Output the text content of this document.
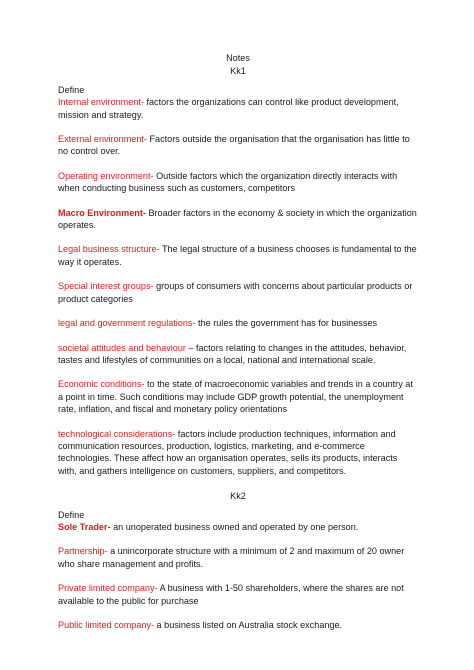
Notes
Kk1
Define
Internal environment- factors the organizations can control like product development, mission and strategy.
External environment- Factors outside the organisation that the organisation has little to no control over.
Operating environment- Outside factors which the organization directly interacts with when conducting business such as customers, competitors
Macro Environment- Broader factors in the economy & society in which the organization operates.
Legal business structure- The legal structure of a business chooses is fundamental to the way it operates.
Special interest groups- groups of consumers with concerns about particular products or product categories
legal and government regulations- the rules the government has for businesses
societal attitudes and behaviour – factors relating to changes in the attitudes, behavior, tastes and lifestyles of communities on a local, national and international scale.
Economic conditions- to the state of macroeconomic variables and trends in a country at a point in time. Such conditions may include GDP growth potential, the unemployment rate, inflation, and fiscal and monetary policy orientations
technological considerations- factors include production techniques, information and communication resources, production, logistics, marketing, and e-commerce technologies. These affect how an organisation operates, sells its products, interacts with, and gathers intelligence on customers, suppliers, and competitors.
Kk2
Define
Sole Trader- an unoperated business owned and operated by one person.
Partnership- a unincorporate structure with a minimum of 2 and maximum of 20 owner who share management and profits.
Private limited company- A business with 1-50 shareholders, where the shares are not available to the public for purchase
Public limited company- a business listed on Australia stock exchange.
